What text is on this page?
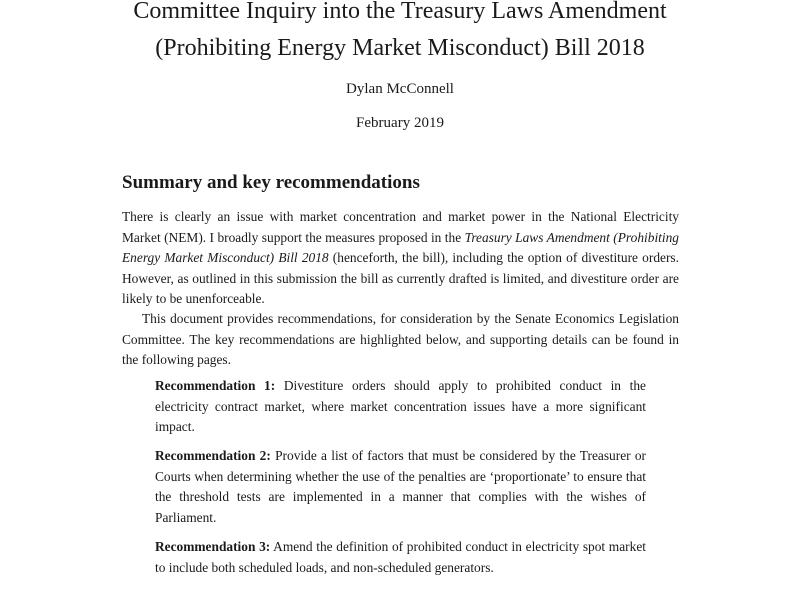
Committee Inquiry into the Treasury Laws Amendment
(Prohibiting Energy Market Misconduct) Bill 2018
Dylan McConnell
February 2019
Summary and key recommendations

There is clearly an issue with market concentration and market power in the National Electricity Market (NEM). I broadly support the measures proposed in the Treasury Laws Amendment (Prohibiting Energy Market Misconduct) Bill 2018 (henceforth, the bill), including the option of divestiture orders. However, as outlined in this submission the bill as currently drafted is limited, and divestiture order are likely to be unenforceable.

This document provides recommendations, for consideration by the Senate Economics Legislation Committee. The key recommendations are highlighted below, and supporting details can be found in the following pages.

Recommendation 1: Divestiture orders should apply to prohibited conduct in the electricity contract market, where market concentration issues have a more significant impact.

Recommendation 2: Provide a list of factors that must be considered by the Treasurer or Courts when determining whether the use of the penalties are ‘proportionate’ to ensure that the threshold tests are implemented in a manner that complies with the wishes of Parliament.

Recommendation 3: Amend the definition of prohibited conduct in electricity spot market to include both scheduled loads, and non-scheduled generators.
